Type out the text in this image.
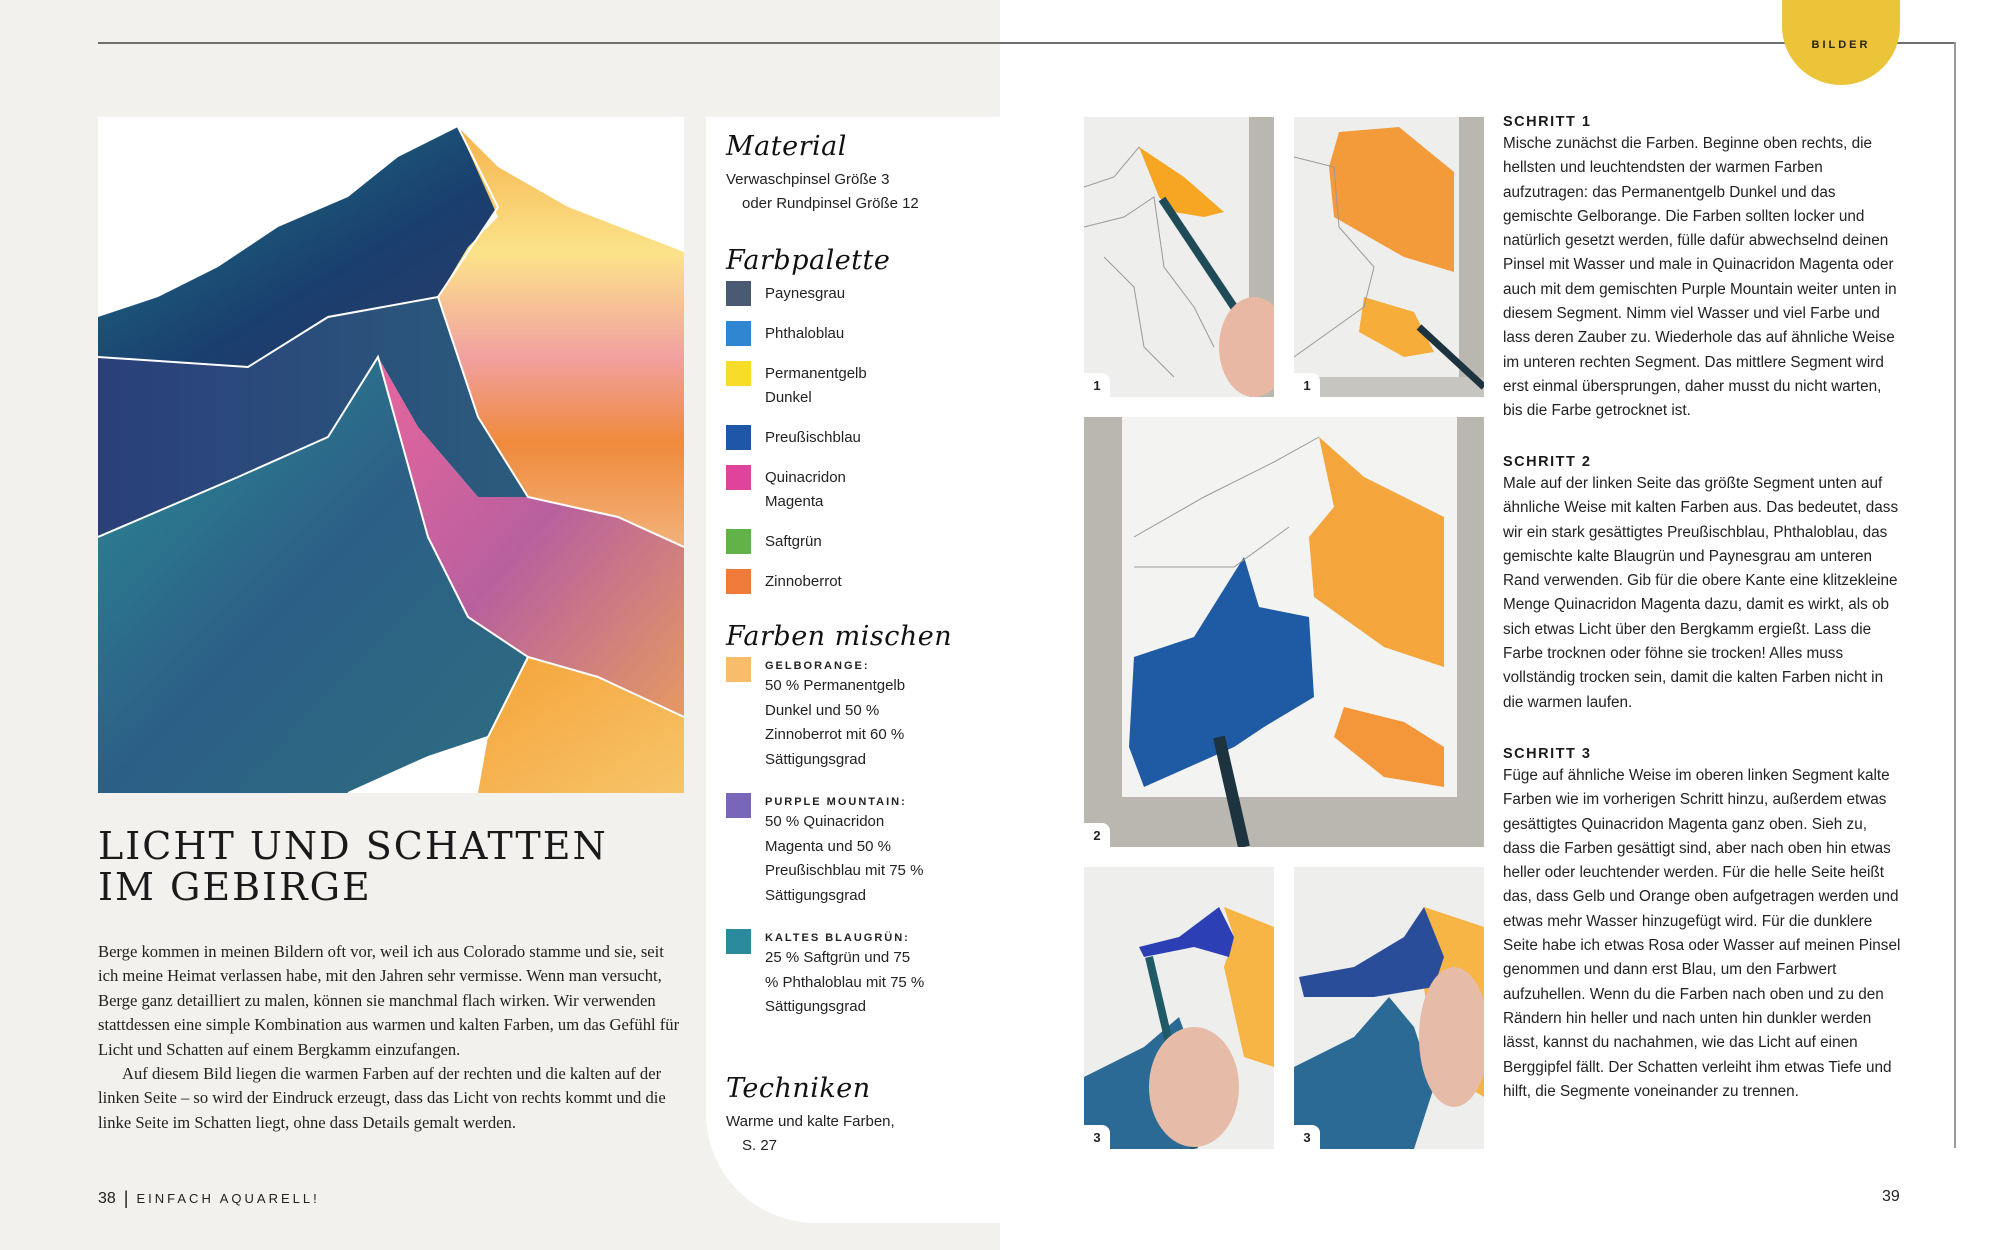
BILDER
LICHT UND SCHATTEN
IM GEBIRGE

Berge kommen in meinen Bildern oft vor, weil ich aus Colorado stamme und sie, seit ich meine Heimat verlassen habe, mit den Jahren sehr vermisse. Wenn man versucht, Berge ganz detailliert zu malen, können sie manchmal flach wirken. Wir verwenden stattdessen eine simple Kombination aus warmen und kalten Farben, um das Gefühl für Licht und Schatten auf einem Bergkamm einzufangen.

Auf diesem Bild liegen die warmen Farben auf der rechten und die kalten auf der linken Seite – so wird der Eindruck erzeugt, dass das Licht von rechts kommt und die linke Seite im Schatten liegt, ohne dass Details gemalt werden.

38 | EINFACH AQUARELL!
Material
Verwaschpinsel Größe 3
oder Rundpinsel Größe 12
Farbpalette
Paynesgrau
Phthaloblau
Permanentgelb Dunkel
Preußischblau
Quinacridon Magenta
Saftgrün
Zinnoberrot
Farben mischen
GELBORANGE:
50 % Permanentgelb Dunkel und 50 % Zinnoberrot mit 60 % Sättigungsgrad
PURPLE MOUNTAIN:
50 % Quinacridon Magenta und 50 % Preußischblau mit 75 % Sättigungsgrad
KALTES BLAUGRÜN:
25 % Saftgrün und 75 % Phthaloblau mit 75 % Sättigungsgrad
Techniken
Warme und kalte Farben,
S. 27
1	1
2
3	3
SCHRITT 1

Mische zunächst die Farben. Beginne oben rechts, die hellsten und leuchtendsten der warmen Farben aufzutragen: das Permanentgelb Dunkel und das gemischte Gelborange. Die Farben sollten locker und natürlich gesetzt werden, fülle dafür abwechselnd deinen Pinsel mit Wasser und male in Quinacridon Magenta oder auch mit dem gemischten Purple Mountain weiter unten in diesem Segment. Nimm viel Wasser und viel Farbe und lass deren Zauber zu. Wiederhole das auf ähnliche Weise im unteren rechten Segment. Das mittlere Segment wird erst einmal übersprungen, daher musst du nicht warten, bis die Farbe getrocknet ist.

SCHRITT 2

Male auf der linken Seite das größte Segment unten auf ähnliche Weise mit kalten Farben aus. Das bedeutet, dass wir ein stark gesättigtes Preußischblau, Phthaloblau, das gemischte kalte Blaugrün und Paynesgrau am unteren Rand verwenden. Gib für die obere Kante eine klitzekleine Menge Quinacridon Magenta dazu, damit es wirkt, als ob sich etwas Licht über den Bergkamm ergießt. Lass die Farbe trocknen oder föhne sie trocken! Alles muss vollständig trocken sein, damit die kalten Farben nicht in die warmen laufen.

SCHRITT 3

Füge auf ähnliche Weise im oberen linken Segment kalte Farben wie im vorherigen Schritt hinzu, außerdem etwas gesättigtes Quinacridon Magenta ganz oben. Sieh zu, dass die Farben gesättigt sind, aber nach oben hin etwas heller oder leuchtender werden. Für die helle Seite heißt das, dass Gelb und Orange oben aufgetragen werden und etwas mehr Wasser hinzugefügt wird. Für die dunklere Seite habe ich etwas Rosa oder Wasser auf meinen Pinsel genommen und dann erst Blau, um den Farbwert aufzuhellen. Wenn du die Farben nach oben und zu den Rändern hin heller und nach unten hin dunkler werden lässt, kannst du nachahmen, wie das Licht auf einen Berggipfel fällt. Der Schatten verleiht ihm etwas Tiefe und hilft, die Segmente voneinander zu trennen.

39
